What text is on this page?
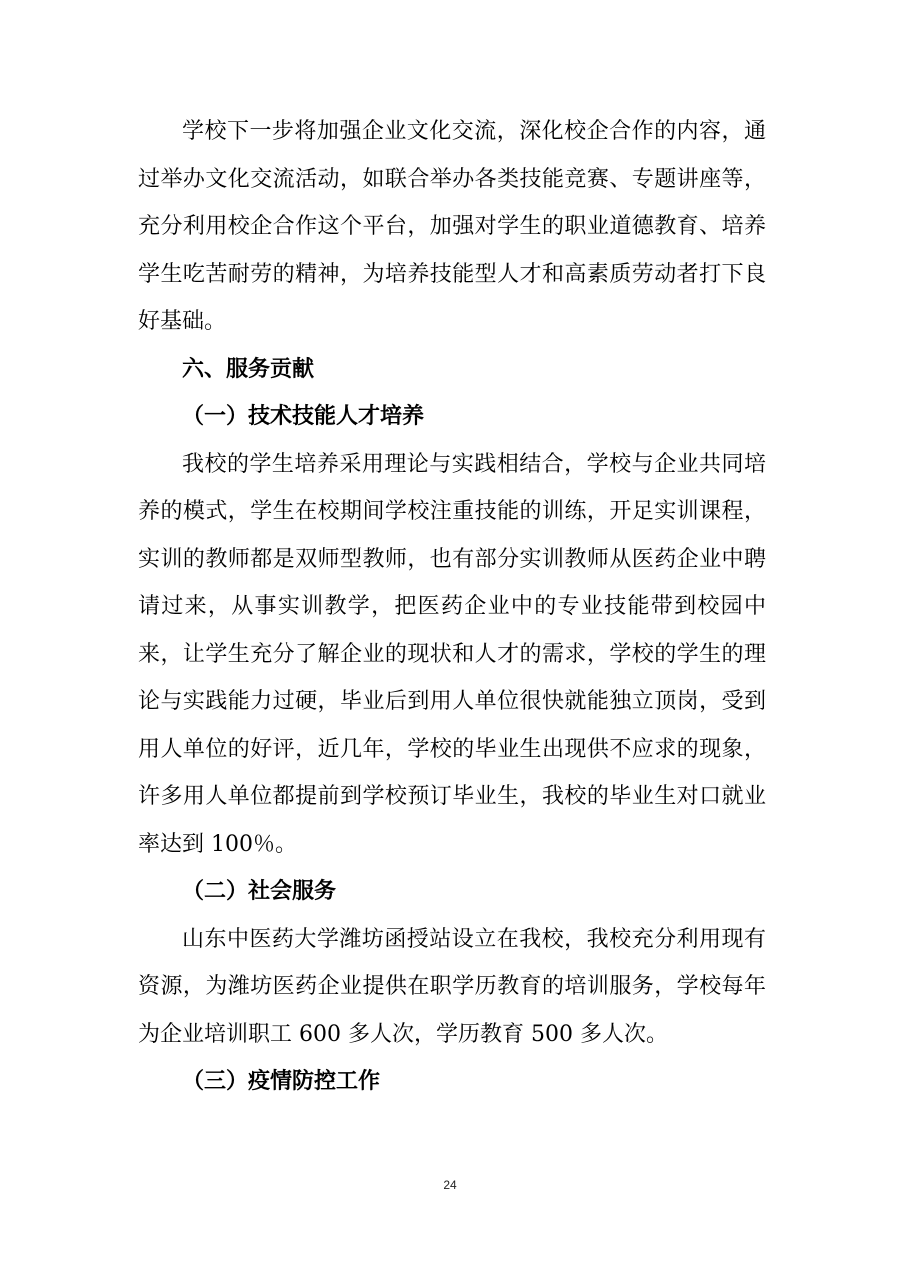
学校下一步将加强企业文化交流，深化校企合作的内容，通过举办文化交流活动，如联合举办各类技能竞赛、专题讲座等，充分利用校企合作这个平台，加强对学生的职业道德教育、培养学生吃苦耐劳的精神，为培养技能型人才和高素质劳动者打下良好基础。

六、服务贡献

（一）技术技能人才培养

我校的学生培养采用理论与实践相结合，学校与企业共同培养的模式，学生在校期间学校注重技能的训练，开足实训课程，实训的教师都是双师型教师，也有部分实训教师从医药企业中聘请过来，从事实训教学，把医药企业中的专业技能带到校园中来，让学生充分了解企业的现状和人才的需求，学校的学生的理论与实践能力过硬，毕业后到用人单位很快就能独立顶岗，受到用人单位的好评，近几年，学校的毕业生出现供不应求的现象，许多用人单位都提前到学校预订毕业生，我校的毕业生对口就业率达到 100％。

（二）社会服务

山东中医药大学潍坊函授站设立在我校，我校充分利用现有资源，为潍坊医药企业提供在职学历教育的培训服务，学校每年为企业培训职工 600 多人次，学历教育 500 多人次。

（三）疫情防控工作

24
